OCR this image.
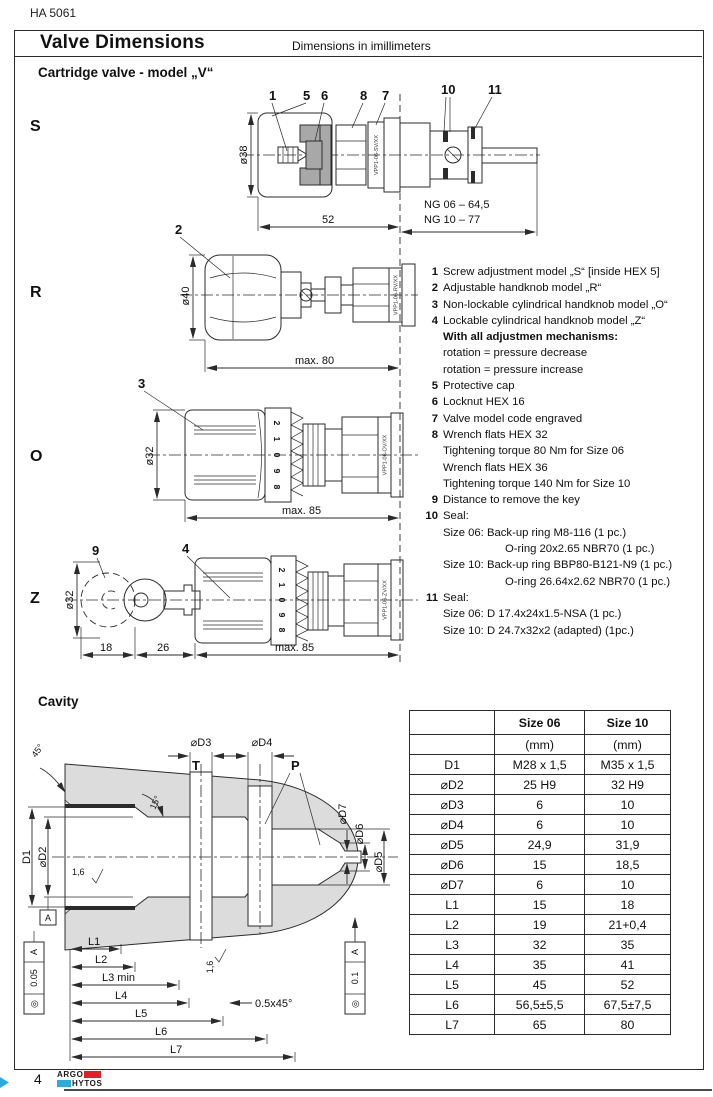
HA 5061
Valve Dimensions	Dimensions in imillimeters
Cartridge valve - model „V“
S
R
O
Z
VPP1-06-SV/XX
1 5 6 8 7	10	11
ø38
52
NG 06 – 64,5
NG 10 – 77
2
VPP1-06-RV/XX
ø40
max. 80
3
2
1
0
9
8
VPP1-06-OV/XX
ø32
max. 85
9	4
2
1
0
9
8
VPP1-06-ZV/XX
ø32
18	26	max. 85
1 Screw adjustment model „S“ [inside HEX 5]
2 Adjustable handknob model „R“
3 Non-lockable cylindrical handknob model „O“
4 Lockable cylindrical handknob model „Z“
With all adjustmen mechanisms:
rotation = pressure decrease
rotation = pressure increase
5 Protective cap
6 Locknut HEX 16
7 Valve model code engraved
8 Wrench flats HEX 32
Tightening torque 80 Nm for Size 06
Wrench flats HEX 36
Tightening torque 140 Nm for Size 10
9 Distance to remove the key
10 Seal:
Size 06: Back-up ring M8-116 (1 pc.)
O-ring 20x2.65 NBR70 (1 pc.)
Size 10: Back-up ring BBP80-B121-N9 (1 pc.)
O-ring 26.64x2.62 NBR70 (1 pc.)
11 Seal:
Size 06: D 17.4x24x1.5-NSA (1 pc.)
Size 10: D 24.7x32x2 (adapted) (1pc.)
Cavity
⌀D3	⌀D4
T	P
45°
15°
D1 ⌀D2
A
1,6
⌀D7
⌀D6
⌀D5
A
0.05
◎
A
0.1
◎
L1
L2
L3 min
L4
L5
L6
L7
0.5x45°
1,6
	Size 06	Size 10
	(mm)	(mm)
D1	M28 x 1,5	M35 x 1,5
⌀D2	25 H9	32 H9
⌀D3	6	10
⌀D4	6	10
⌀D5	24,9	31,9
⌀D6	15	18,5
⌀D7	6	10
L1	15	18
L2	19	21+0,4
L3	32	35
L4	35	41
L5	45	52
L6	56,5±5,5	67,5±7,5
L7	65	80
4 ARGO
HYTOS
